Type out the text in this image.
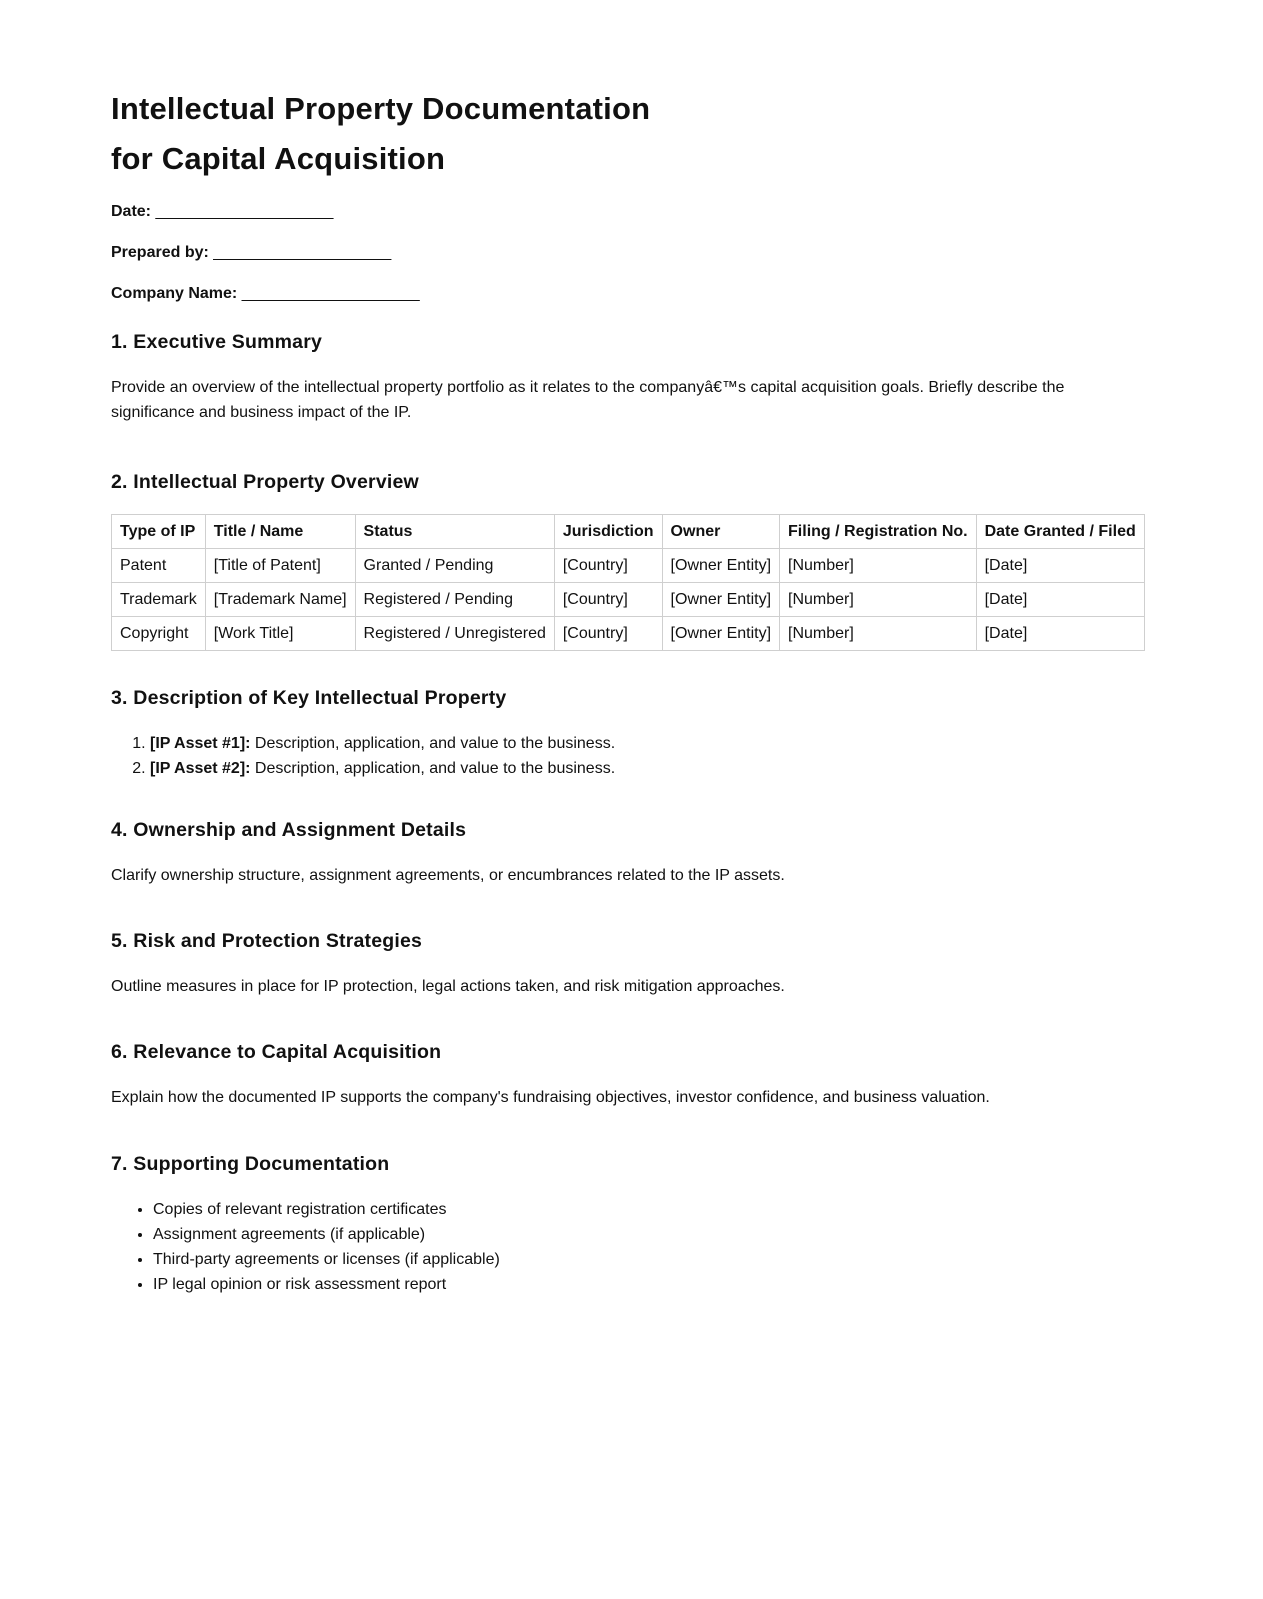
Intellectual Property Documentation
for Capital Acquisition
Date: ____________________
Prepared by: ____________________
Company Name: ____________________
1. Executive Summary

Provide an overview of the intellectual property portfolio as it relates to the companyâ€™s capital acquisition goals. Briefly describe the significance and business impact of the IP.

2. Intellectual Property Overview
Type of IP	Title / Name	Status	Jurisdiction	Owner	Filing / Registration No.	Date Granted / Filed
Patent	[Title of Patent]	Granted / Pending	[Country]	[Owner Entity]	[Number]	[Date]
Trademark	[Trademark Name]	Registered / Pending	[Country]	[Owner Entity]	[Number]	[Date]
Copyright	[Work Title]	Registered / Unregistered	[Country]	[Owner Entity]	[Number]	[Date]
3. Description of Key Intellectual Property
1. [IP Asset #1]: Description, application, and value to the business.
2. [IP Asset #2]: Description, application, and value to the business.
4. Ownership and Assignment Details

Clarify ownership structure, assignment agreements, or encumbrances related to the IP assets.

5. Risk and Protection Strategies

Outline measures in place for IP protection, legal actions taken, and risk mitigation approaches.

6. Relevance to Capital Acquisition

Explain how the documented IP supports the company's fundraising objectives, investor confidence, and business valuation.

7. Supporting Documentation
• Copies of relevant registration certificates
• Assignment agreements (if applicable)
• Third-party agreements or licenses (if applicable)
• IP legal opinion or risk assessment report
